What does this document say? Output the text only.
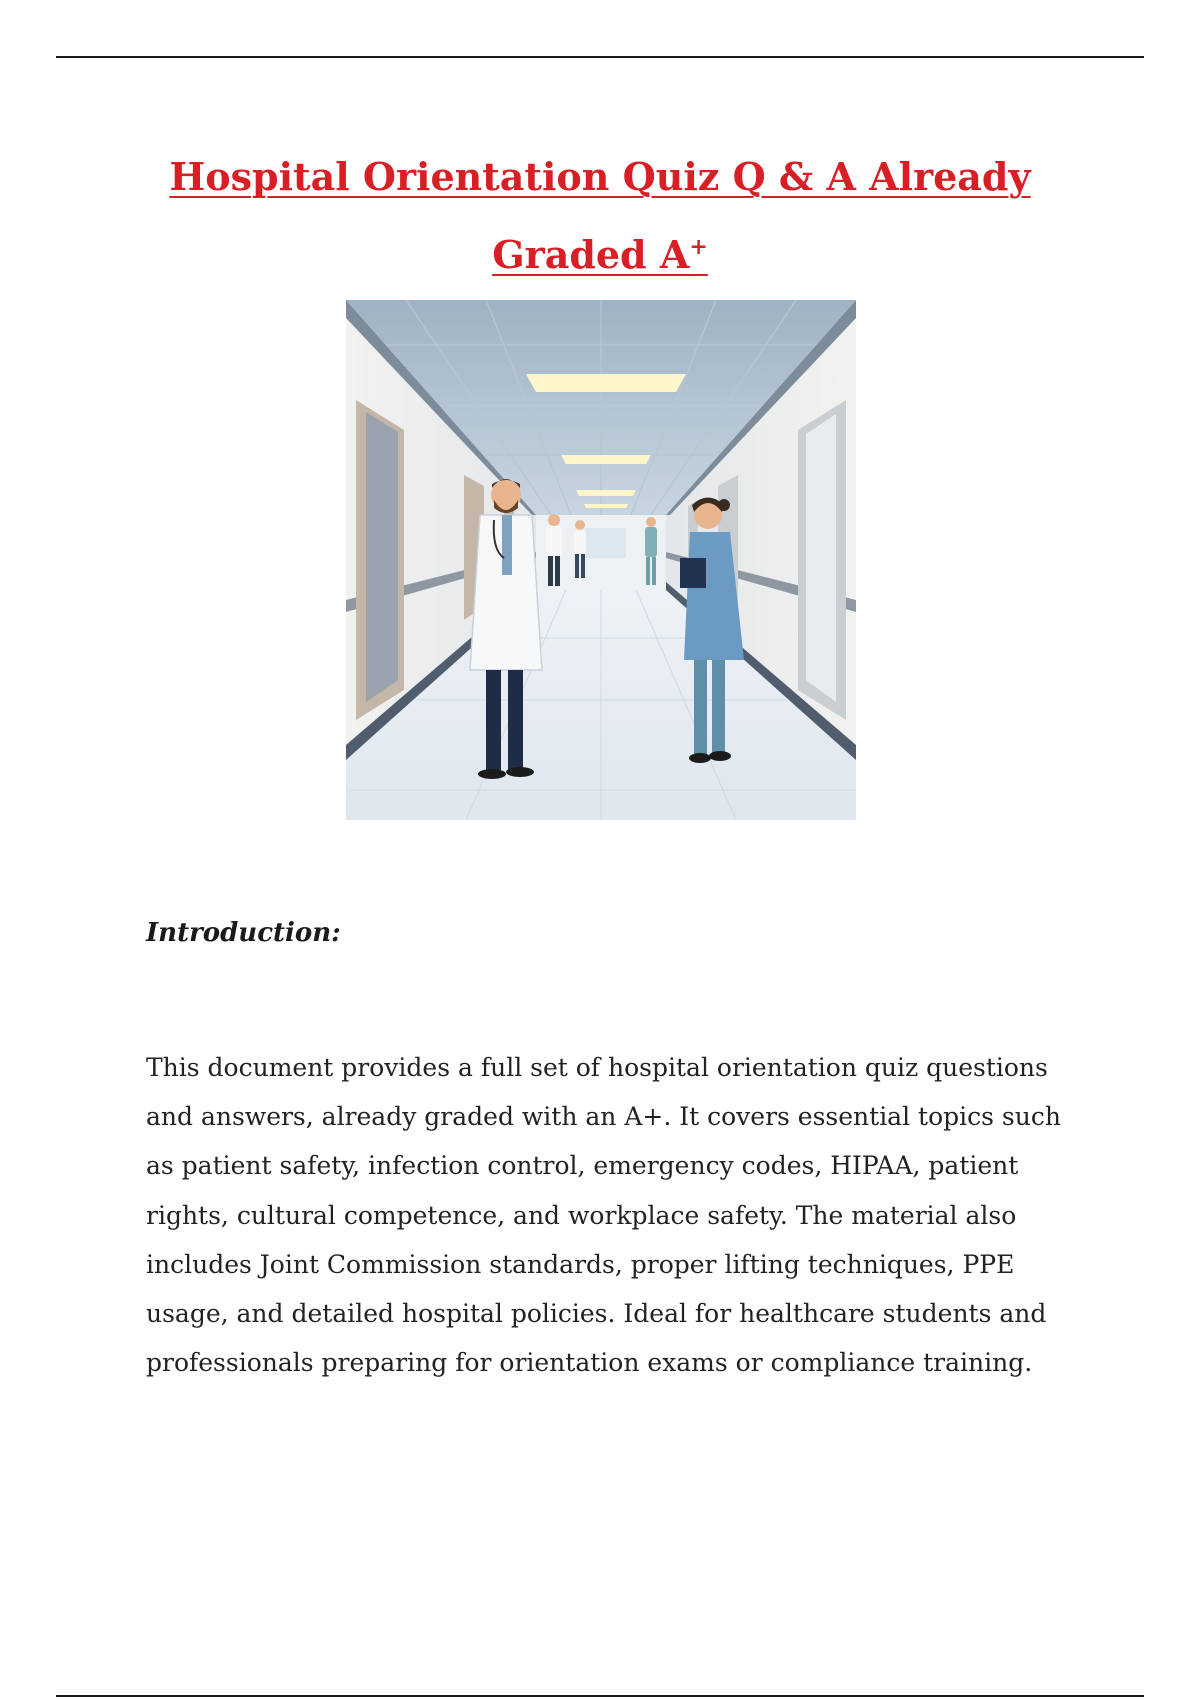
Hospital Orientation Quiz Q & A Already Graded A+

Introduction:

This document provides a full set of hospital orientation quiz questions and answers, already graded with an A+. It covers essential topics such as patient safety, infection control, emergency codes, HIPAA, patient rights, cultural competence, and workplace safety. The material also includes Joint Commission standards, proper lifting techniques, PPE usage, and detailed hospital policies. Ideal for healthcare students and professionals preparing for orientation exams or compliance training.
